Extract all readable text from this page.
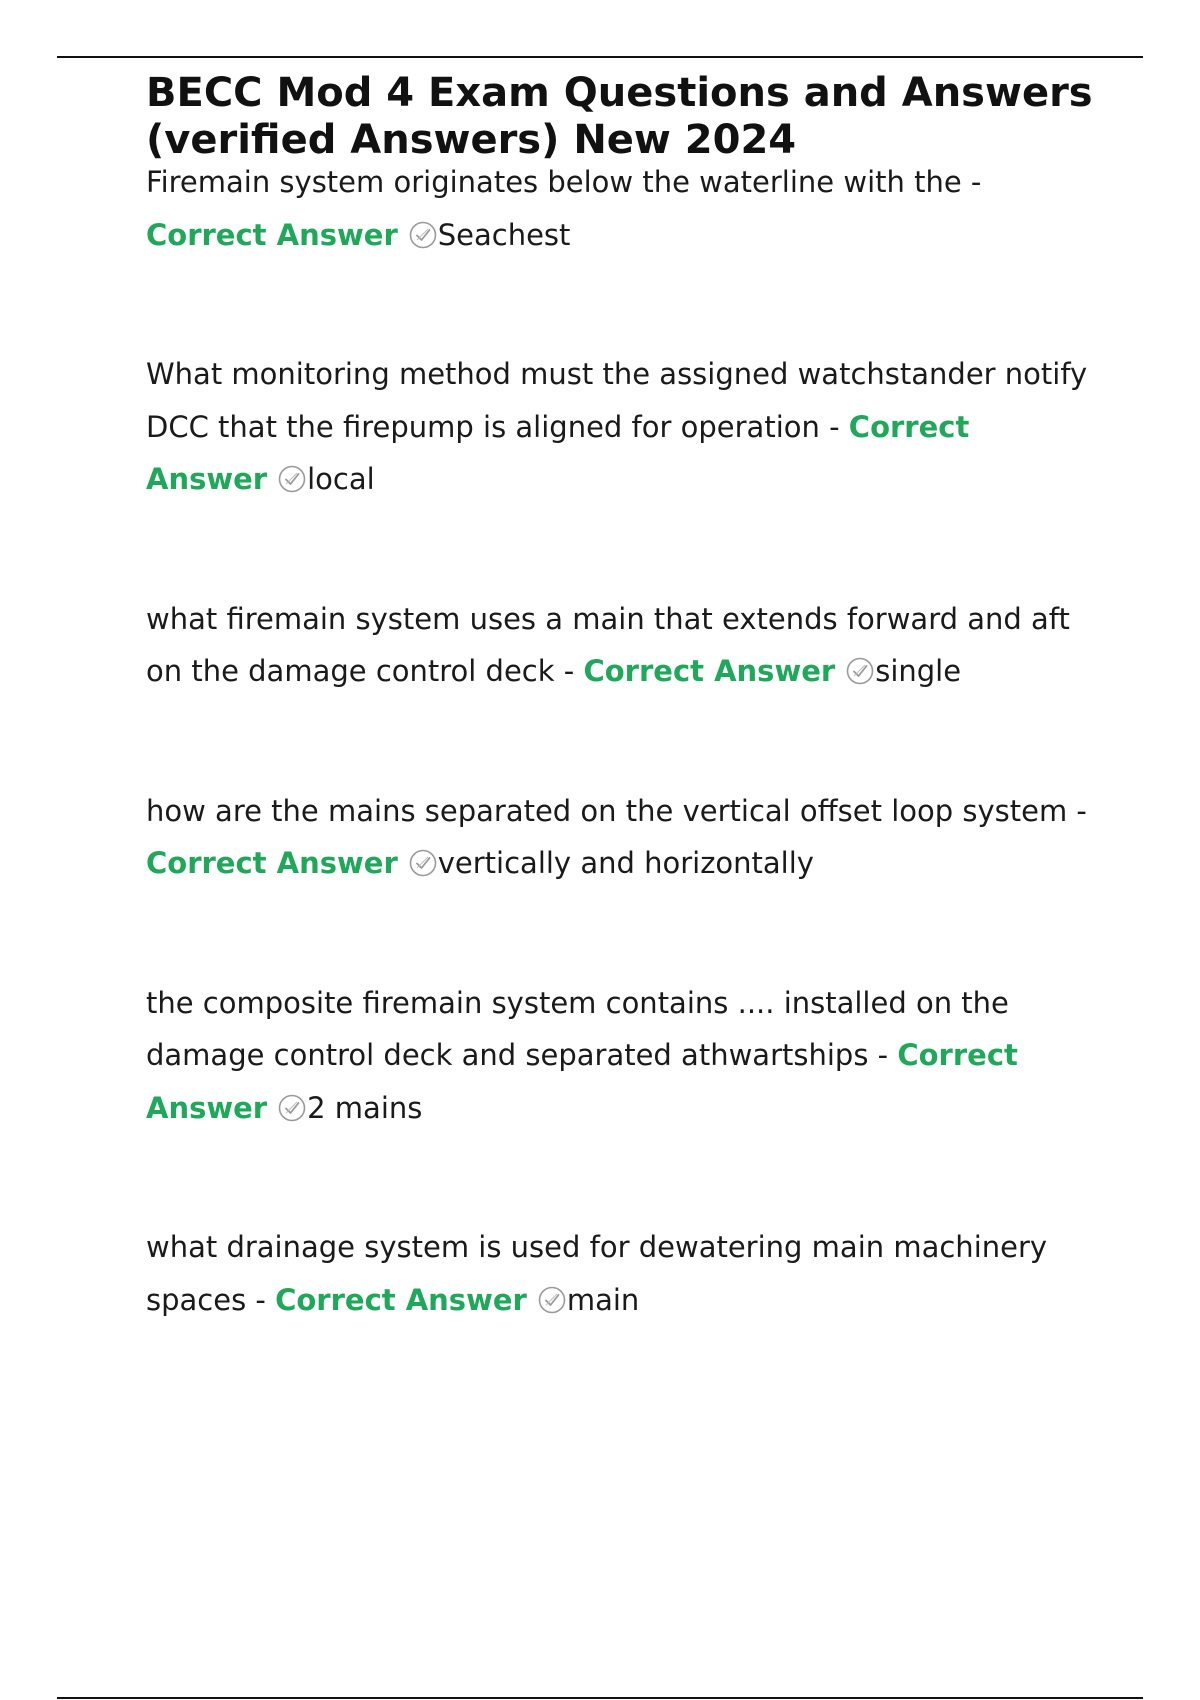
BECC Mod 4 Exam Questions and Answers (verified Answers) New 2024

Firemain system originates below the waterline with the - Correct Answer Seachest

What monitoring method must the assigned watchstander notify DCC that the firepump is aligned for operation - Correct Answer local

what firemain system uses a main that extends forward and aft on the damage control deck - Correct Answer single

how are the mains separated on the vertical offset loop system - Correct Answer vertically and horizontally

the composite firemain system contains .... installed on the damage control deck and separated athwartships - Correct Answer 2 mains

what drainage system is used for dewatering main machinery spaces - Correct Answer main
